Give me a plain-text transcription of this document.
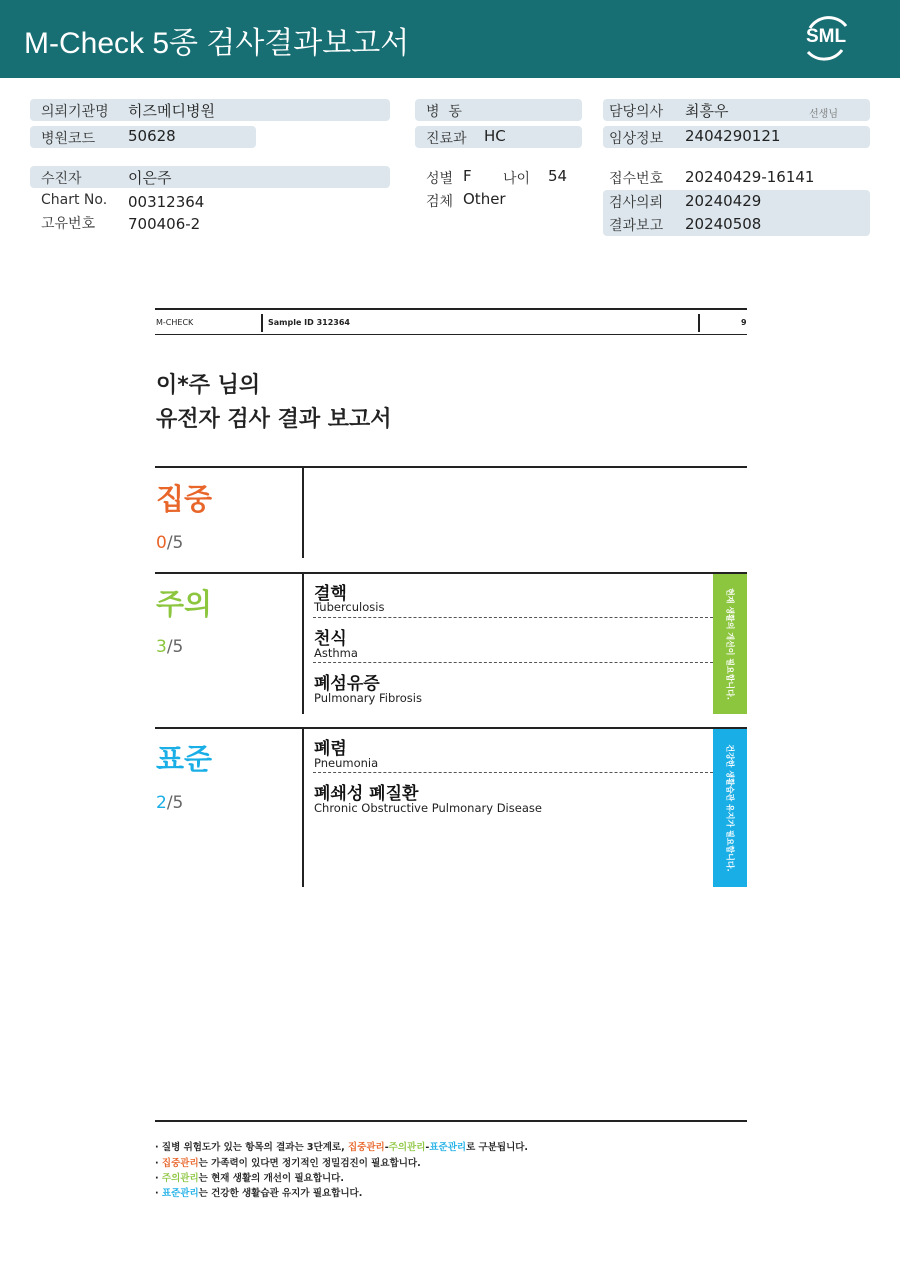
M-Check 5종 검사결과보고서	SML
의뢰기관명 히즈메디병원
병원코드 50628
수진자	이은주
Chart No. 00312364
고유번호 700406-2
병  동
진료과 HC
성별 F 나이 54
검체 Other
담당의사 최흥우	선생님
임상정보 2404290121
접수번호 20240429-16141
검사의뢰 20240429
결과보고 20240508
M-CHECK	Sample ID 312364	9
이*주 님의
유전자 검사 결과 보고서
집중
0/5
주의
3/5
결핵
Tuberculosis
천식
Asthma
폐섬유증
Pulmonary Fibrosis	현재 생활의 개선이 필요합니다.
표준
2/5
폐렴
Pneumonia
폐쇄성 폐질환
Chronic Obstructive Pulmonary Disease	건강한 생활습관 유지가 필요합니다.
· 질병 위험도가 있는 항목의 결과는 3단계로, 집중관리-주의관리-표준관리로 구분됩니다.
· 집중관리는 가족력이 있다면 정기적인 정밀검진이 필요합니다.
· 주의관리는 현재 생활의 개선이 필요합니다.
· 표준관리는 건강한 생활습관 유지가 필요합니다.
